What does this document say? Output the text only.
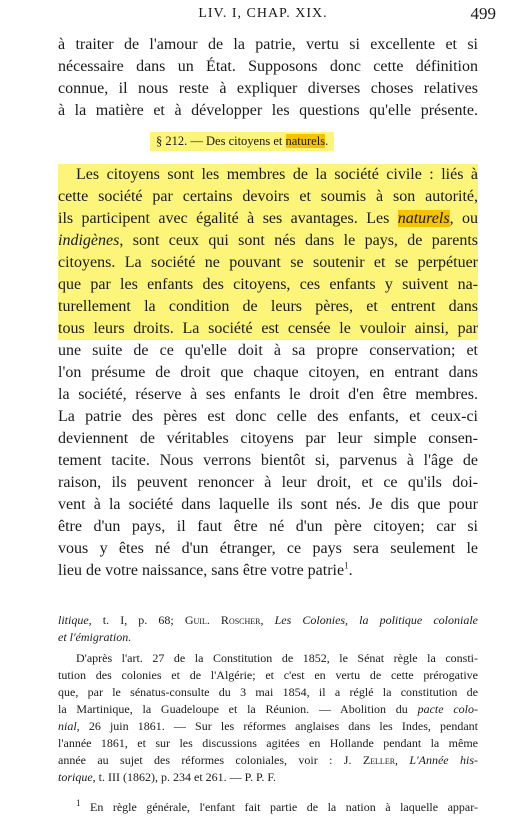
LIV. I, CHAP. XIX.	499
à traiter de l'amour de la patrie, vertu si excellente et si
nécessaire dans un État. Supposons donc cette définition
connue, il nous reste à expliquer diverses choses relatives
à la matière et à développer les questions qu'elle présente.
§ 212. — Des citoyens et naturels.
Les citoyens sont les membres de la société civile : liés à
cette société par certains devoirs et soumis à son autorité,
ils participent avec égalité à ses avantages. Les naturels, ou
indigènes, sont ceux qui sont nés dans le pays, de parents
citoyens. La société ne pouvant se soutenir et se perpétuer
que par les enfants des citoyens, ces enfants y suivent na-
turellement la condition de leurs pères, et entrent dans
tous leurs droits. La société est censée le vouloir ainsi, par
une suite de ce qu'elle doit à sa propre conservation; et
l'on présume de droit que chaque citoyen, en entrant dans
la société, réserve à ses enfants le droit d'en être membres.
La patrie des pères est donc celle des enfants, et ceux-ci
deviennent de véritables citoyens par leur simple consen-
tement tacite. Nous verrons bientôt si, parvenus à l'âge de
raison, ils peuvent renoncer à leur droit, et ce qu'ils doi-
vent à la société dans laquelle ils sont nés. Je dis que pour
être d'un pays, il faut être né d'un père citoyen; car si
vous y êtes né d'un étranger, ce pays sera seulement le
lieu de votre naissance, sans être votre patrie$^1$.
litique, t. I, p. 68; Guil. Roscher, Les Colonies, la politique coloniale
et l'émigration.
D'après l'art. 27 de la Constitution de 1852, le Sénat règle la consti-
tution des colonies et de l'Algérie; et c'est en vertu de cette prérogative
que, par le sénatus-consulte du 3 mai 1854, il a réglé la constitution de
la Martinique, la Guadeloupe et la Réunion. — Abolition du pacte colo-
nial, 26 juin 1861. — Sur les réformes anglaises dans les Indes, pendant
l'année 1861, et sur les discussions agitées en Hollande pendant la même
année au sujet des réformes coloniales, voir : J. Zeller, L'Année his-
torique, t. III (1862), p. 234 et 261. — P. P. F.
$^1$ En règle générale, l'enfant fait partie de la nation à laquelle appar-
